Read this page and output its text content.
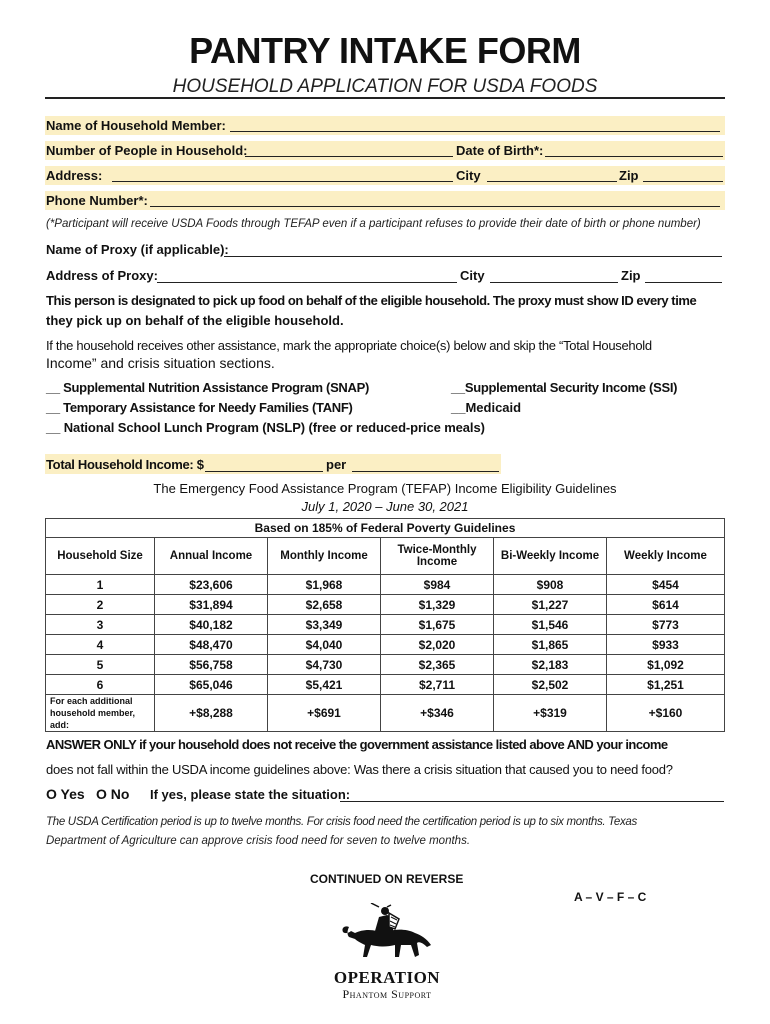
PANTRY INTAKE FORM
HOUSEHOLD APPLICATION FOR USDA FOODS
Name of Household Member:
Number of People in Household:	Date of Birth*:
Address:	City	Zip
Phone Number*:
(*Participant will receive USDA Foods through TEFAP even if a participant refuses to provide their date of birth or phone number)
Name of Proxy (if applicable):
Address of Proxy:	City	Zip
This person is designated to pick up food on behalf of the eligible household. The proxy must show ID every time
they pick up on behalf of the eligible household.
If the household receives other assistance, mark the appropriate choice(s) below and skip the “Total Household
Income” and crisis situation sections.
__ Supplemental Nutrition Assistance Program (SNAP)	__Supplemental Security Income (SSI)
__ Temporary Assistance for Needy Families (TANF)	__Medicaid
__ National School Lunch Program (NSLP) (free or reduced-price meals)
Total Household Income: $	per
The Emergency Food Assistance Program (TEFAP) Income Eligibility Guidelines
July 1, 2020 – June 30, 2021
Based on 185% of Federal Poverty Guidelines					
Household Size	Annual Income	Monthly Income	Twice-Monthly Income	Bi-Weekly Income	Weekly Income
1	$23,606	$1,968	$984	$908	$454
2	$31,894	$2,658	$1,329	$1,227	$614
3	$40,182	$3,349	$1,675	$1,546	$773
4	$48,470	$4,040	$2,020	$1,865	$933
5	$56,758	$4,730	$2,365	$2,183	$1,092
6	$65,046	$5,421	$2,711	$2,502	$1,251
For each additional
household member, add:	+$8,288	+$691	+$346	+$319	+$160
ANSWER ONLY if your household does not receive the government assistance listed above AND your income
does not fall within the USDA income guidelines above: Was there a crisis situation that caused you to need food?
O Yes O No If yes, please state the situation:
The USDA Certification period is up to twelve months. For crisis food need the certification period is up to six months. Texas
Department of Agriculture can approve crisis food need for seven to twelve months.
CONTINUED ON REVERSE
A – V – F – C
OPERATION
Phantom Support
